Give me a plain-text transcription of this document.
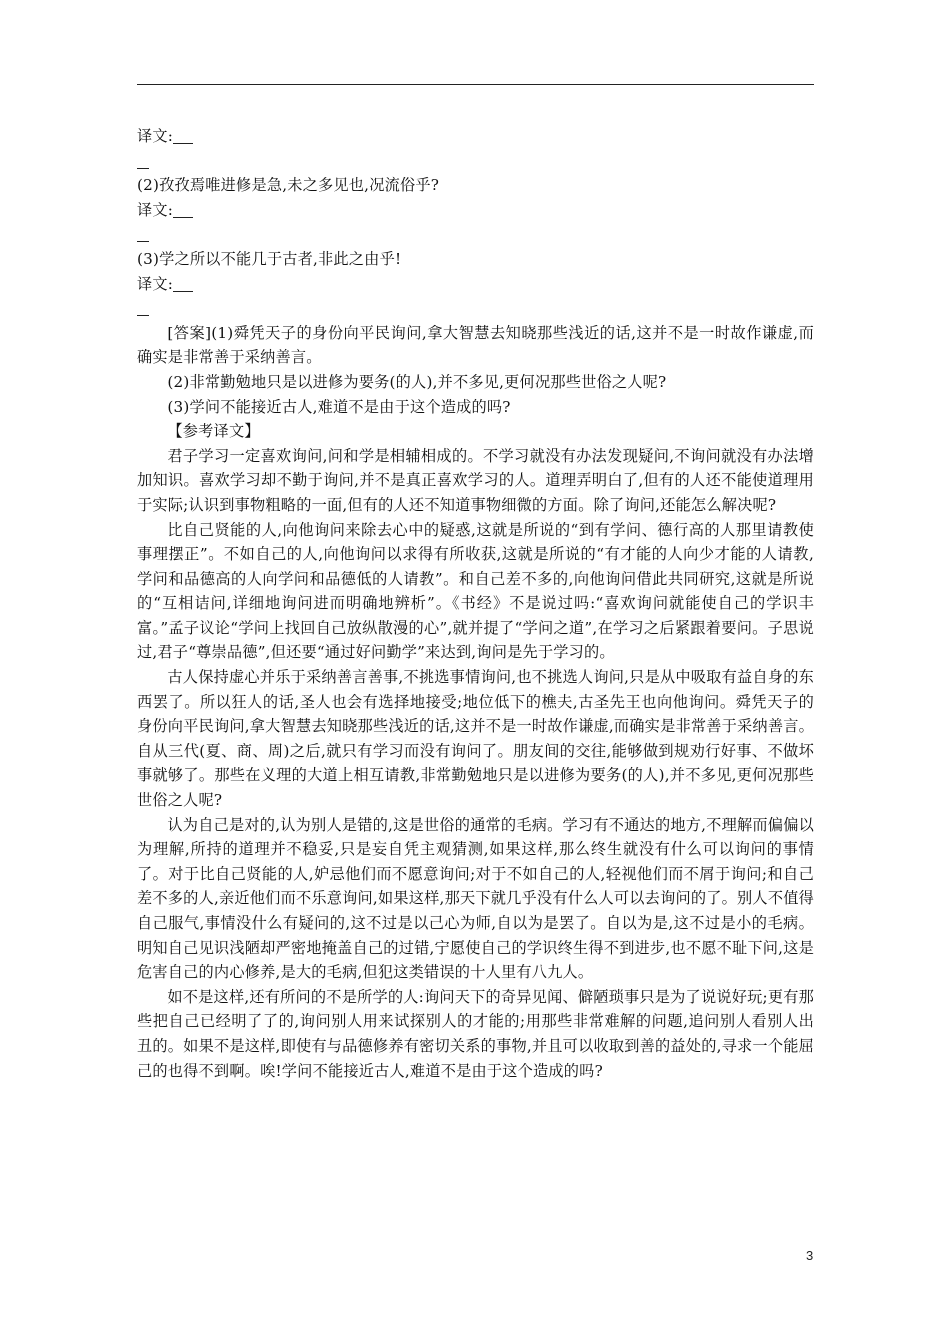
译文:

(2)孜孜焉唯进修是急,未之多见也,况流俗乎?

译文:

(3)学之所以不能几于古者,非此之由乎!

译文:

[答案](1)舜凭天子的身份向平民询问,拿大智慧去知晓那些浅近的话,这并不是一时故作谦虚,而确实是非常善于采纳善言。

(2)非常勤勉地只是以进修为要务(的人),并不多见,更何况那些世俗之人呢?

(3)学问不能接近古人,难道不是由于这个造成的吗?

【参考译文】

君子学习一定喜欢询问,问和学是相辅相成的。不学习就没有办法发现疑问,不询问就没有办法增加知识。喜欢学习却不勤于询问,并不是真正喜欢学习的人。道理弄明白了,但有的人还不能使道理用于实际;认识到事物粗略的一面,但有的人还不知道事物细微的方面。除了询问,还能怎么解决呢?

比自己贤能的人,向他询问来除去心中的疑惑,这就是所说的“到有学问、德行高的人那里请教使事理摆正”。不如自己的人,向他询问以求得有所收获,这就是所说的“有才能的人向少才能的人请教,学问和品德高的人向学问和品德低的人请教”。和自己差不多的,向他询问借此共同研究,这就是所说的“互相诘问,详细地询问进而明确地辨析”。《书经》不是说过吗:“喜欢询问就能使自己的学识丰富。”孟子议论“学问上找回自己放纵散漫的心”,就并提了“学问之道”,在学习之后紧跟着要问。子思说过,君子“尊崇品德”,但还要“通过好问勤学”来达到,询问是先于学习的。

古人保持虚心并乐于采纳善言善事,不挑选事情询问,也不挑选人询问,只是从中吸取有益自身的东西罢了。所以狂人的话,圣人也会有选择地接受;地位低下的樵夫,古圣先王也向他询问。舜凭天子的身份向平民询问,拿大智慧去知晓那些浅近的话,这并不是一时故作谦虚,而确实是非常善于采纳善言。自从三代(夏、商、周)之后,就只有学习而没有询问了。朋友间的交往,能够做到规劝行好事、不做坏事就够了。那些在义理的大道上相互请教,非常勤勉地只是以进修为要务(的人),并不多见,更何况那些世俗之人呢?

认为自己是对的,认为别人是错的,这是世俗的通常的毛病。学习有不通达的地方,不理解而偏偏以为理解,所持的道理并不稳妥,只是妄自凭主观猜测,如果这样,那么终生就没有什么可以询问的事情了。对于比自己贤能的人,妒忌他们而不愿意询问;对于不如自己的人,轻视他们而不屑于询问;和自己差不多的人,亲近他们而不乐意询问,如果这样,那天下就几乎没有什么人可以去询问的了。别人不值得自己服气,事情没什么有疑问的,这不过是以己心为师,自以为是罢了。自以为是,这不过是小的毛病。明知自己见识浅陋却严密地掩盖自己的过错,宁愿使自己的学识终生得不到进步,也不愿不耻下问,这是危害自己的内心修养,是大的毛病,但犯这类错误的十人里有八九人。

如不是这样,还有所问的不是所学的人:询问天下的奇异见闻、僻陋琐事只是为了说说好玩;更有那些把自己已经明了了的,询问别人用来试探别人的才能的;用那些非常难解的问题,追问别人看别人出丑的。如果不是这样,即使有与品德修养有密切关系的事物,并且可以收取到善的益处的,寻求一个能屈己的也得不到啊。唉!学问不能接近古人,难道不是由于这个造成的吗?

3
